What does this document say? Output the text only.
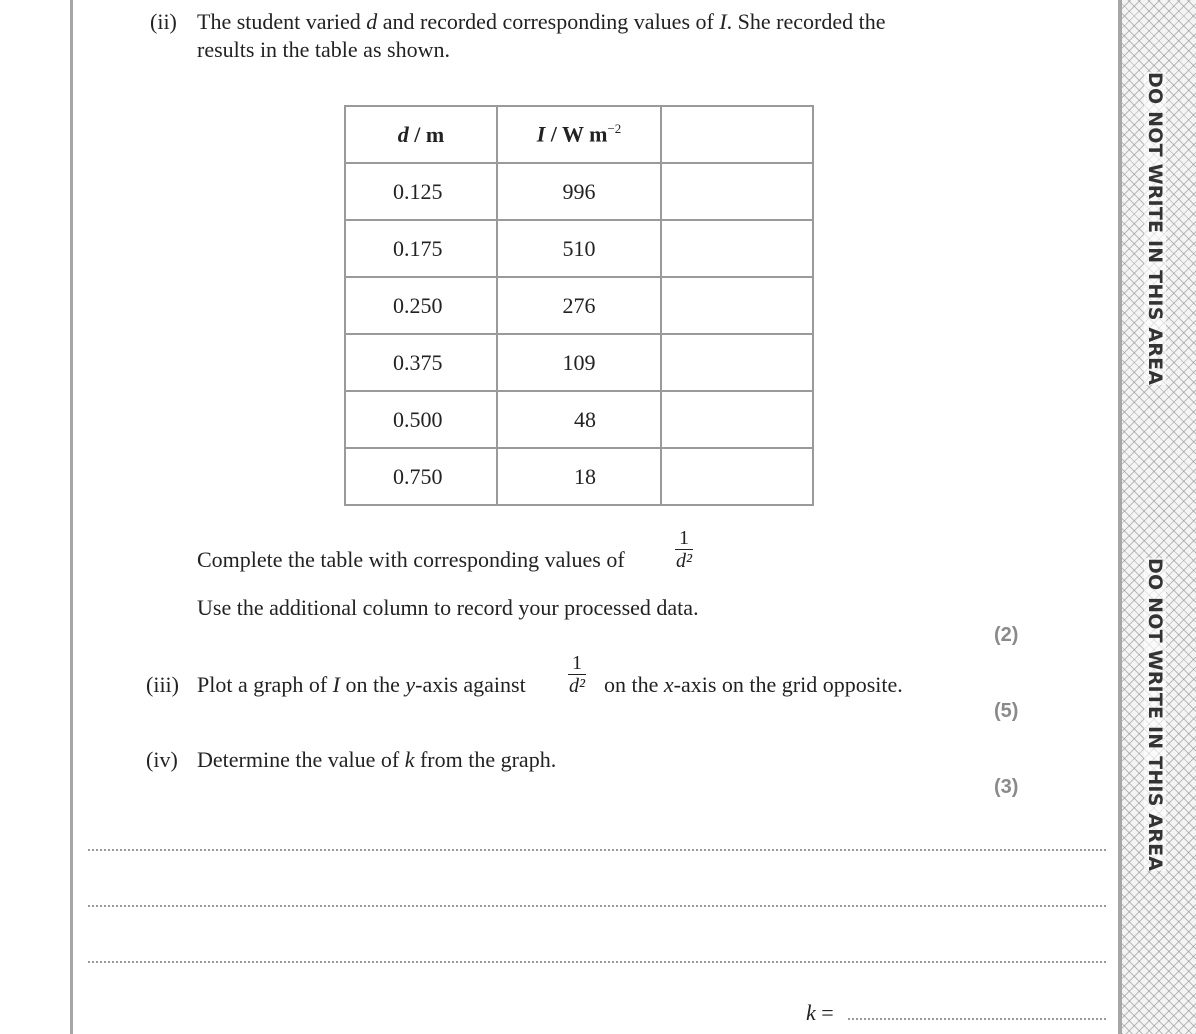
DO NOT WRITE IN THIS AREA
DO NOT WRITE IN THIS AREA
(ii) The student varied d and recorded corresponding values of I. She recorded the
results in the table as shown.
d / m	I / W $m^{-2}$	
0.125	996	
0.175	510	
0.250	276	
0.375	109	
0.500	48	
0.750	18	
Complete the table with corresponding values of	$\frac{1}{\text{d²}}$
Use the additional column to record your processed data.
(2)
(iii) Plot a graph of I on the y-axis against $\frac{1}{\text{d²}}$ on the x-axis on the grid opposite.
(5)
(iv) Determine the value of k from the graph.
(3)
k =
